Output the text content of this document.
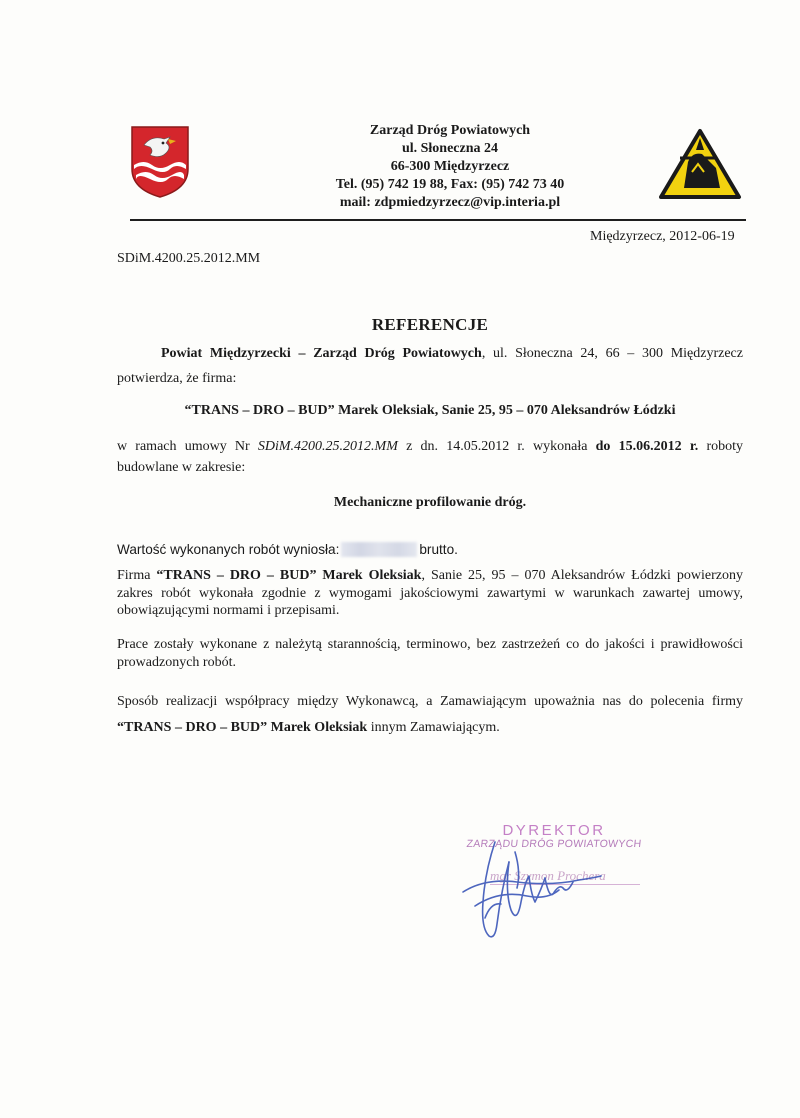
Zarząd Dróg Powiatowych
ul. Słoneczna 24
66-300 Międzyrzecz
Tel. (95) 742 19 88, Fax: (95) 742 73 40
mail: zdpmiedzyrzecz@vip.interia.pl
Międzyrzecz, 2012-06-19
SDiM.4200.25.2012.MM
REFERENCJE
Powiat Międzyrzecki – Zarząd Dróg Powiatowych, ul. Słoneczna 24, 66 – 300 Międzyrzecz
potwierdza, że firma:
“TRANS – DRO – BUD” Marek Oleksiak, Sanie 25, 95 – 070 Aleksandrów Łódzki
w ramach umowy Nr SDiM.4200.25.2012.MM z dn. 14.05.2012 r. wykonała do 15.06.2012 r. roboty
budowlane w zakresie:
Mechaniczne profilowanie dróg.
Wartość wykonanych robót wyniosła:	brutto.
Firma “TRANS – DRO – BUD” Marek Oleksiak, Sanie 25, 95 – 070 Aleksandrów Łódzki powierzony
zakres robót wykonała zgodnie z wymogami jakościowymi zawartymi w warunkach zawartej umowy,
obowiązującymi normami i przepisami.
Prace zostały wykonane z należytą starannością, terminowo, bez zastrzeżeń co do jakości i prawidłowości
prowadzonych robót.
Sposób realizacji współpracy między Wykonawcą, a Zamawiającym upoważnia nas do polecenia firmy
“TRANS – DRO – BUD” Marek Oleksiak innym Zamawiającym.
DYREKTOR
ZARZĄDU DRÓG POWIATOWYCH
mgr Szymon Prochera
